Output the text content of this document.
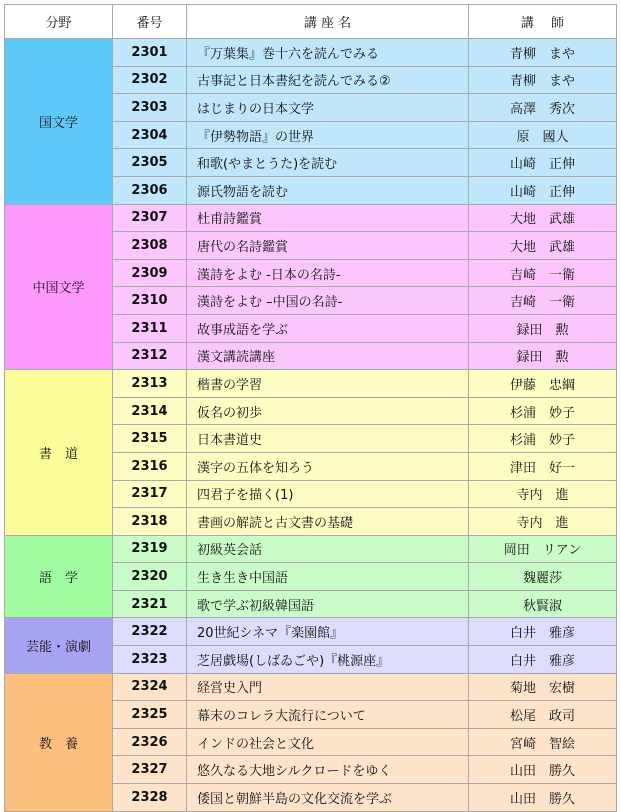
分野	番号	講 座 名	講　 師
国文学	2301	『万葉集』巻十六を読んでみる	青柳　まや
	2302	古事記と日本書紀を読んでみる②	青柳　まや
	2303	はじまりの日本文学	高澤　秀次
	2304	『伊勢物語』の世界	原　國人
	2305	和歌(やまとうた)を読む	山崎　正伸
	2306	源氏物語を読む	山崎　正伸
中国文学	2307	杜甫詩鑑賞	大地　武雄
	2308	唐代の名詩鑑賞	大地　武雄
	2309	漢詩をよむ -日本の名詩-	吉崎　一衛
	2310	漢詩をよむ –中国の名詩-	吉崎　一衛
	2311	故事成語を学ぶ	録田　勲
	2312	漢文講読講座	録田　勲
書　道	2313	楷書の学習	伊藤　忠綱
	2314	仮名の初歩	杉浦　妙子
	2315	日本書道史	杉浦　妙子
	2316	漢字の五体を知ろう	津田　好一
	2317	四君子を描く(1)	寺内　進
	2318	書画の解読と古文書の基礎	寺内　進
語　学	2319	初級英会話	岡田　リアン
	2320	生き生き中国語	魏麗莎
	2321	歌で学ぶ初級韓国語	秋賢淑
芸能・演劇	2322	20世紀シネマ『楽園館』	白井　雅彦
	2323	芝居戯場(しばゐごや)『桃源座』	白井　雅彦
教　養	2324	経営史入門	菊地　宏樹
	2325	幕末のコレラ大流行について	松尾　政司
	2326	インドの社会と文化	宮崎　智絵
	2327	悠久なる大地シルクロードをゆく	山田　勝久
	2328	倭国と朝鮮半島の文化交流を学ぶ	山田　勝久
